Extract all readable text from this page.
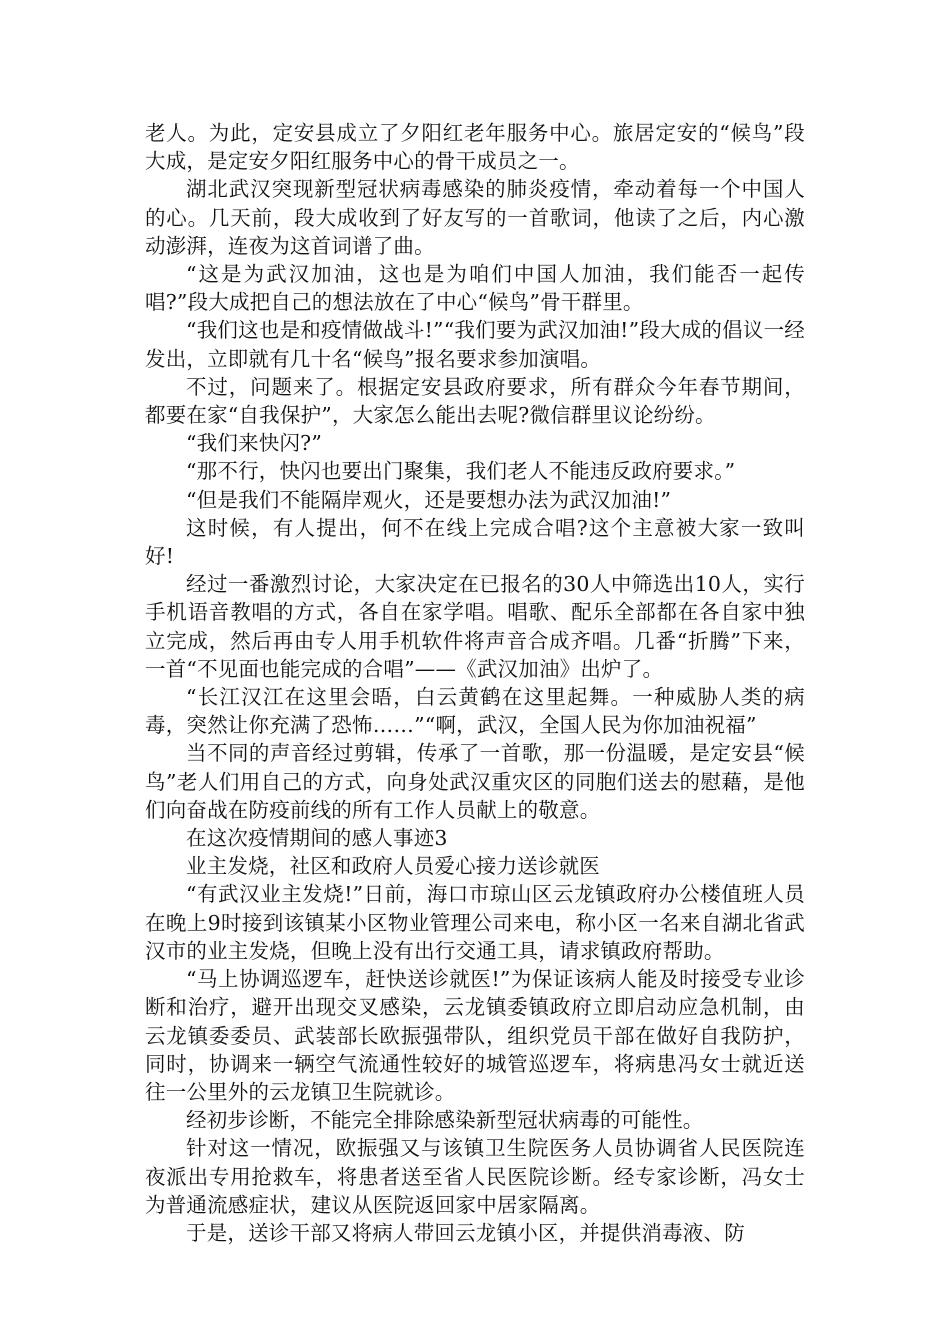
老人。为此，定安县成立了夕阳红老年服务中心。旅居定安的“候鸟”段大成，是定安夕阳红服务中心的骨干成员之一。

湖北武汉突现新型冠状病毒感染的肺炎疫情，牵动着每一个中国人的心。几天前，段大成收到了好友写的一首歌词，他读了之后，内心激动澎湃，连夜为这首词谱了曲。

“这是为武汉加油，这也是为咱们中国人加油，我们能否一起传唱?”段大成把自己的想法放在了中心“候鸟”骨干群里。

“我们这也是和疫情做战斗!”“我们要为武汉加油!”段大成的倡议一经发出，立即就有几十名“候鸟”报名要求参加演唱。

不过，问题来了。根据定安县政府要求，所有群众今年春节期间，都要在家“自我保护”，大家怎么能出去呢?微信群里议论纷纷。

“我们来快闪?”

“那不行，快闪也要出门聚集，我们老人不能违反政府要求。”

“但是我们不能隔岸观火，还是要想办法为武汉加油!”

这时候，有人提出，何不在线上完成合唱?这个主意被大家一致叫好!

经过一番激烈讨论，大家决定在已报名的30人中筛选出10人，实行手机语音教唱的方式，各自在家学唱。唱歌、配乐全部都在各自家中独立完成，然后再由专人用手机软件将声音合成齐唱。几番“折腾”下来，一首“不见面也能完成的合唱”——《武汉加油》出炉了。

“长江汉江在这里会晤，白云黄鹤在这里起舞。一种威胁人类的病毒，突然让你充满了恐怖……”“啊，武汉，全国人民为你加油祝福”

当不同的声音经过剪辑，传承了一首歌，那一份温暖，是定安县“候鸟”老人们用自己的方式，向身处武汉重灾区的同胞们送去的慰藉，是他们向奋战在防疫前线的所有工作人员献上的敬意。

在这次疫情期间的感人事迹3

业主发烧，社区和政府人员爱心接力送诊就医

“有武汉业主发烧!”日前，海口市琼山区云龙镇政府办公楼值班人员在晚上9时接到该镇某小区物业管理公司来电，称小区一名来自湖北省武汉市的业主发烧，但晚上没有出行交通工具，请求镇政府帮助。

“马上协调巡逻车，赶快送诊就医!”为保证该病人能及时接受专业诊断和治疗，避开出现交叉感染，云龙镇委镇政府立即启动应急机制，由云龙镇委委员、武装部长欧振强带队，组织党员干部在做好自我防护，同时，协调来一辆空气流通性较好的城管巡逻车，将病患冯女士就近送往一公里外的云龙镇卫生院就诊。

经初步诊断，不能完全排除感染新型冠状病毒的可能性。

针对这一情况，欧振强又与该镇卫生院医务人员协调省人民医院连夜派出专用抢救车，将患者送至省人民医院诊断。经专家诊断，冯女士为普通流感症状，建议从医院返回家中居家隔离。

于是，送诊干部又将病人带回云龙镇小区，并提供消毒液、防
